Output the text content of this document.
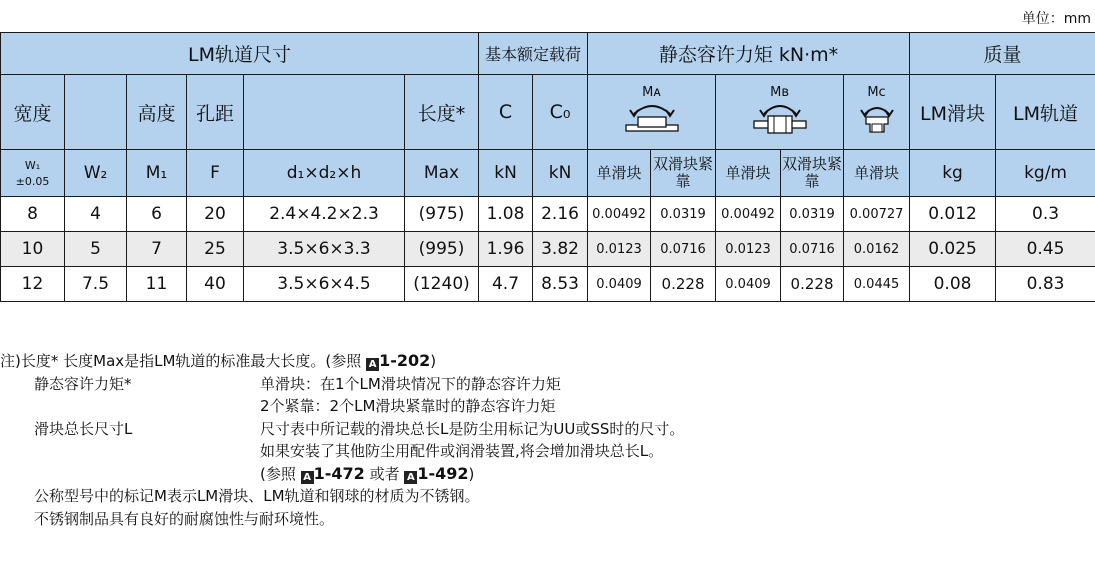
单位：mm
LM轨道尺寸						基本额定载荷		静态容许力矩 kN·m*					质量	
宽度		高度	孔距		长度*	C	C₀	Mᴀ		Mʙ		Mᴄ	LM滑块	LM轨道
W₁
±0.05	W₂	M₁	F	d₁×d₂×h	Max	kN	kN	单滑块	双滑块紧靠	单滑块	双滑块紧靠	单滑块	kg	kg/m
8	4	6	20	2.4×4.2×2.3	(975)	1.08	2.16	0.00492	0.0319	0.00492	0.0319	0.00727	0.012	0.3
10	5	7	25	3.5×6×3.3	(995)	1.96	3.82	0.0123	0.0716	0.0123	0.0716	0.0162	0.025	0.45
12	7.5	11	40	3.5×6×4.5	(1240)	4.7	8.53	0.0409	0.228	0.0409	0.228	0.0445	0.08	0.83
注)长度* 长度Max是指LM轨道的标准最大长度。(参照 A 1-202)
静态容许力矩*	单滑块：在1个LM滑块情况下的静态容许力矩
2个紧靠：2个LM滑块紧靠时的静态容许力矩
滑块总长尺寸L	尺寸表中所记载的滑块总长L是防尘用标记为UU或SS时的尺寸。
如果安装了其他防尘用配件或润滑装置,将会增加滑块总长L。
(参照 A 1-472 或者 A 1-492)
公称型号中的标记M表示LM滑块、LM轨道和钢球的材质为不锈钢。
不锈钢制品具有良好的耐腐蚀性与耐环境性。
